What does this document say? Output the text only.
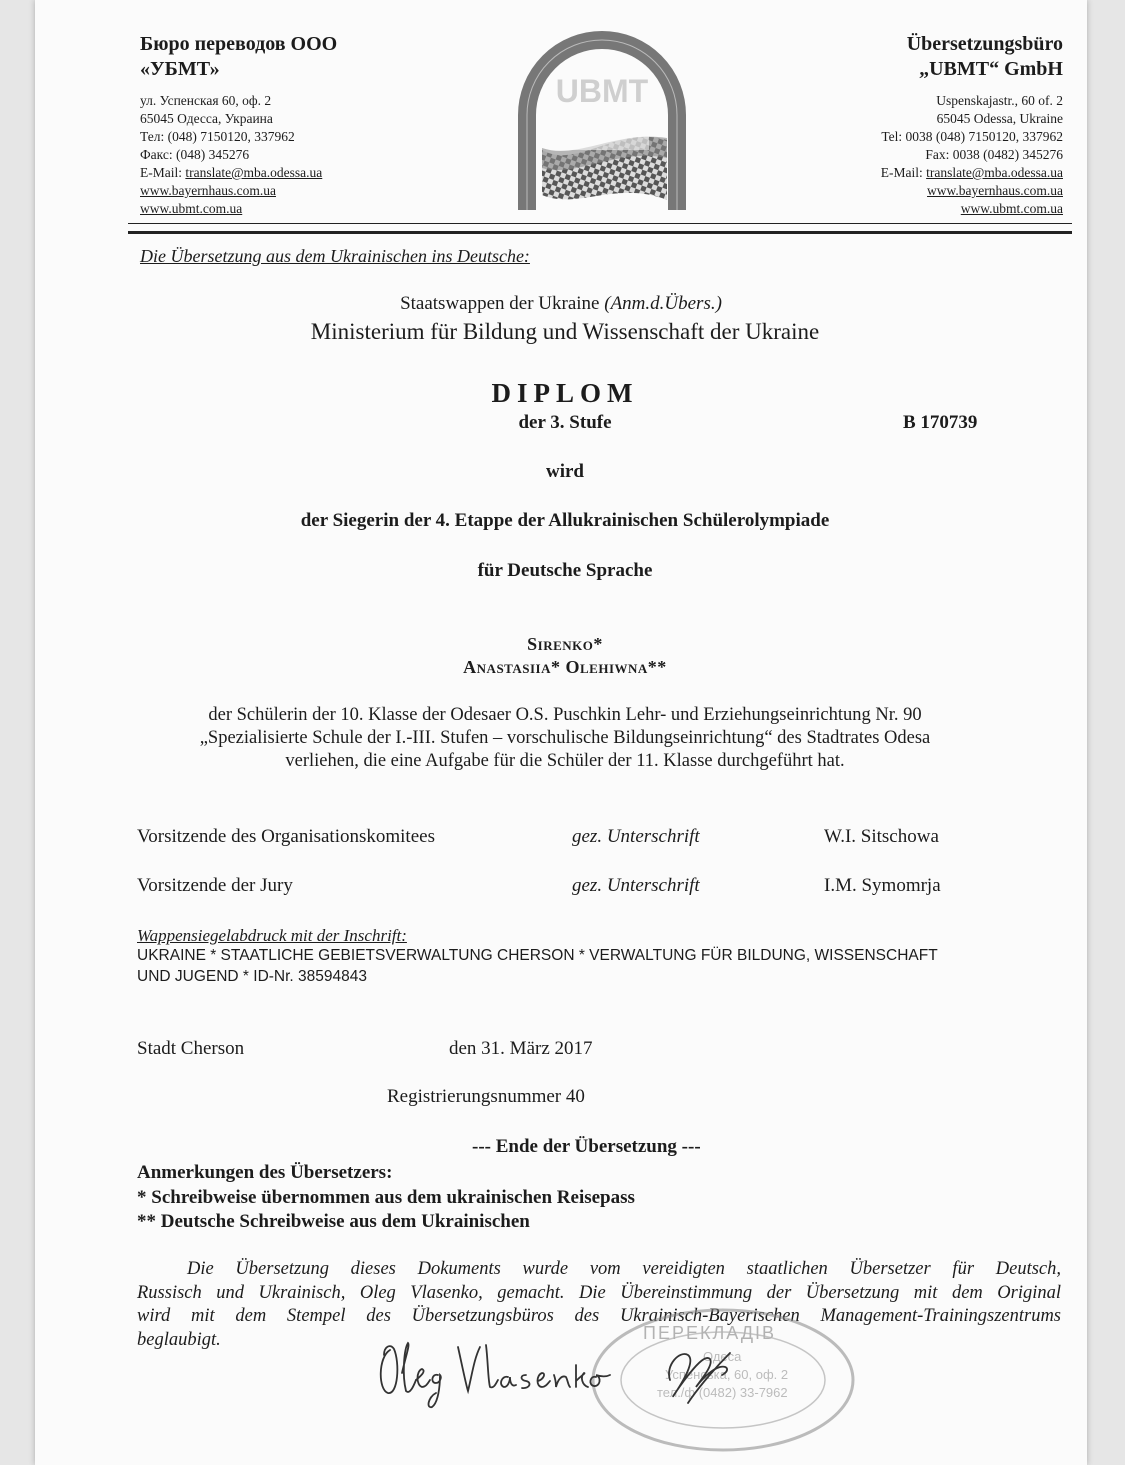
Бюро переводов ООО
«УБМТ»
ул. Успенская 60, оф. 2
65045 Одесса, Украина
Тел: (048) 7150120, 337962
Факс: (048) 345276
E-Mail: translate@mba.odessa.ua
www.bayernhaus.com.ua
www.ubmt.com.ua
UBMT
Übersetzungsbüro
„UBMT“ GmbH
Uspenskajastr., 60 of. 2
65045 Odessa, Ukraine
Tel: 0038 (048) 7150120, 337962
Fax: 0038 (0482) 345276
E-Mail: translate@mba.odessa.ua
www.bayernhaus.com.ua
www.ubmt.com.ua
Die Übersetzung aus dem Ukrainischen ins Deutsche:
Staatswappen der Ukraine (Anm.d.Übers.)
Ministerium für Bildung und Wissenschaft der Ukraine
DIPLOM
der 3. Stufe	B 170739
wird
der Siegerin der 4. Etappe der Allukrainischen Schülerolympiade
für Deutsche Sprache
Sirenko*
Anastasiia* Olehiwna**
der Schülerin der 10. Klasse der Odesaer O.S. Puschkin Lehr- und Erziehungseinrichtung Nr. 90
„Spezialisierte Schule der I.-III. Stufen – vorschulische Bildungseinrichtung“ des Stadtrates Odesa
verliehen, die eine Aufgabe für die Schüler der 11. Klasse durchgeführt hat.
Vorsitzende des Organisationskomitees	gez. Unterschrift	W.I. Sitschowa
Vorsitzende der Jury	gez. Unterschrift	I.M. Symomrja
Wappensiegelabdruck mit der Inschrift:
UKRAINE * STAATLICHE GEBIETSVERWALTUNG CHERSON * VERWALTUNG FÜR BILDUNG, WISSENSCHAFT
UND JUGEND * ID-Nr. 38594843
Stadt Cherson	den 31. März 2017
Registrierungsnummer 40
--- Ende der Übersetzung ---
Anmerkungen des Übersetzers:
* Schreibweise übernommen aus dem ukrainischen Reisepass
** Deutsche Schreibweise aus dem Ukrainischen
Die Übersetzung dieses Dokuments wurde vom vereidigten staatlichen Übersetzer für Deutsch,
Russisch und Ukrainisch, Oleg Vlasenko, gemacht. Die Übereinstimmung der Übersetzung mit dem Original
wird mit dem Stempel des Übersetzungsbüros des Ukrainisch-Bayerischen Management-Trainingszentrums
beglaubigt.	ПЕРЕКЛАДІВ
Одеса
Успенська, 60, оф. 2
тел./ф (0482) 33-7962
